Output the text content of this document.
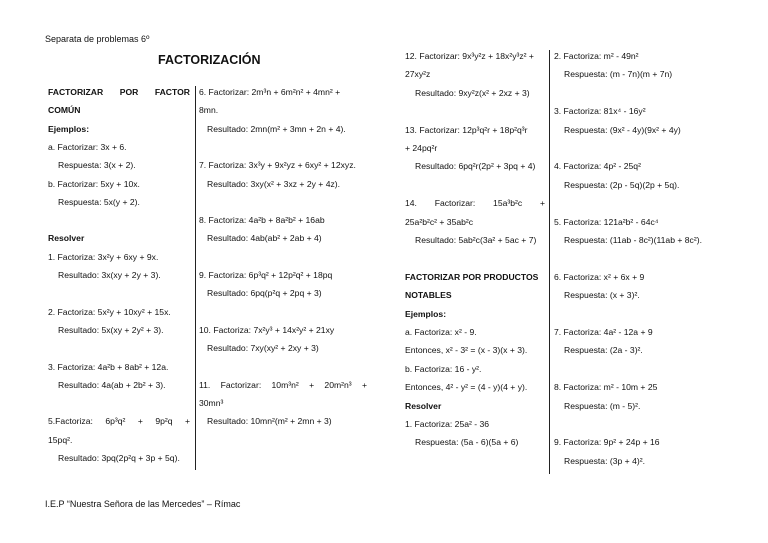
Separata de problemas 6º
FACTORIZACIÓN
FACTORIZAR POR FACTOR
COMÚN
Ejemplos:
a. Factorizar: 3x + 6.
Respuesta: 3(x + 2).
b. Factorizar: 5xy + 10x.
Respuesta: 5x(y + 2).
Resolver
1. Factoriza: 3x²y + 6xy + 9x.
Resultado: 3x(xy + 2y + 3).
2. Factoriza: 5x²y + 10xy² + 15x.
Resultado: 5x(xy + 2y² + 3).
3. Factoriza: 4a²b + 8ab² + 12a.
Resultado: 4a(ab + 2b² + 3).
5.Factoriza: 6p³q² + 9p²q +
15pq².
Resultado: 3pq(2p²q + 3p + 5q).
6. Factorizar: 2m³n + 6m²n² + 4mn² +
8mn.
Resultado: 2mn(m² + 3mn + 2n + 4).
7. Factoriza: 3x³y + 9x²yz + 6xy² + 12xyz.
Resultado: 3xy(x² + 3xz + 2y + 4z).
8. Factoriza: 4a²b + 8a²b² + 16ab
Resultado: 4ab(ab² + 2ab + 4)
9. Factoriza: 6p³q² + 12p²q² + 18pq
Resultado: 6pq(p²q + 2pq + 3)
10. Factoriza: 7x²y³ + 14x²y² + 21xy
Resultado: 7xy(xy² + 2xy + 3)
11. Factorizar: 10m³n² + 20m²n³ +
30mn³
Resultado: 10mn²(m² + 2mn + 3)
12. Factorizar: 9x³y²z + 18x²y³z² +
27xy²z
Resultado: 9xy²z(x² + 2xz + 3)
13. Factorizar: 12p³q²r + 18p²q³r
+ 24pq²r
Resultado: 6pq²r(2p² + 3pq + 4)
14. Factorizar: 15a³b²c +
25a²b²c² + 35ab²c
Resultado: 5ab²c(3a² + 5ac + 7)
FACTORIZAR POR PRODUCTOS
NOTABLES
Ejemplos:
a. Factoriza: x² - 9.
Entonces, x² - 3² = (x - 3)(x + 3).
b. Factoriza: 16 - y².
Entonces, 4² - y² = (4 - y)(4 + y).
Resolver
1. Factoriza: 25a² - 36
Respuesta: (5a - 6)(5a + 6)
2. Factoriza: m² - 49n²
Respuesta: (m - 7n)(m + 7n)
3. Factoriza: 81x⁴ - 16y²
Respuesta: (9x² - 4y)(9x² + 4y)
4. Factoriza: 4p² - 25q²
Respuesta: (2p - 5q)(2p + 5q).
5. Factoriza: 121a²b² - 64c⁴
Respuesta: (11ab - 8c²)(11ab + 8c²).
6. Factoriza: x² + 6x + 9
Respuesta: (x + 3)².
7. Factoriza: 4a² - 12a + 9
Respuesta: (2a - 3)².
8. Factoriza: m² - 10m + 25
Respuesta: (m - 5)².
9. Factoriza: 9p² + 24p + 16
Respuesta: (3p + 4)².
I.E.P “Nuestra Señora de las Mercedes” – Rímac
